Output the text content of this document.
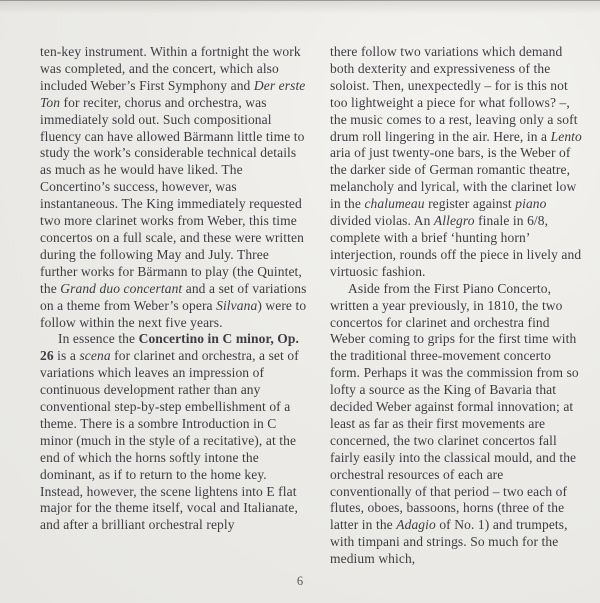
ten-key instrument. Within a fortnight the work was completed, and the concert, which also included Weber’s First Symphony and Der erste Ton for reciter, chorus and orchestra, was immediately sold out. Such compositional fluency can have allowed Bärmann little time to study the work’s considerable technical details as much as he would have liked. The Concertino’s success, however, was instantaneous. The King immediately requested two more clarinet works from Weber, this time concertos on a full scale, and these were written during the following May and July. Three further works for Bärmann to play (the Quintet, the Grand duo concertant and a set of variations on a theme from Weber’s opera Silvana) were to follow within the next five years.

In essence the Concertino in C minor, Op. 26 is a scena for clarinet and orchestra, a set of variations which leaves an impression of continuous development rather than any conventional step-by-step embellishment of a theme. There is a sombre Introduction in C minor (much in the style of a recitative), at the end of which the horns softly intone the dominant, as if to return to the home key. Instead, however, the scene lightens into E flat major for the theme itself, vocal and Italianate, and after a brilliant orchestral reply

there follow two variations which demand both dexterity and expressiveness of the soloist. Then, unexpectedly – for is this not too lightweight a piece for what follows? –, the music comes to a rest, leaving only a soft drum roll lingering in the air. Here, in a Lento aria of just twenty-one bars, is the Weber of the darker side of German romantic theatre, melancholy and lyrical, with the clarinet low in the chalumeau register against piano divided violas. An Allegro finale in 6/8, complete with a brief ‘hunting horn’ interjection, rounds off the piece in lively and virtuosic fashion.

Aside from the First Piano Concerto, written a year previously, in 1810, the two concertos for clarinet and orchestra find Weber coming to grips for the first time with the traditional three-movement concerto form. Perhaps it was the commission from so lofty a source as the King of Bavaria that decided Weber against formal innovation; at least as far as their first movements are concerned, the two clarinet concertos fall fairly easily into the classical mould, and the orchestral resources of each are conventionally of that period – two each of flutes, oboes, bassoons, horns (three of the latter in the Adagio of No. 1) and trumpets, with timpani and strings. So much for the medium which,

6
